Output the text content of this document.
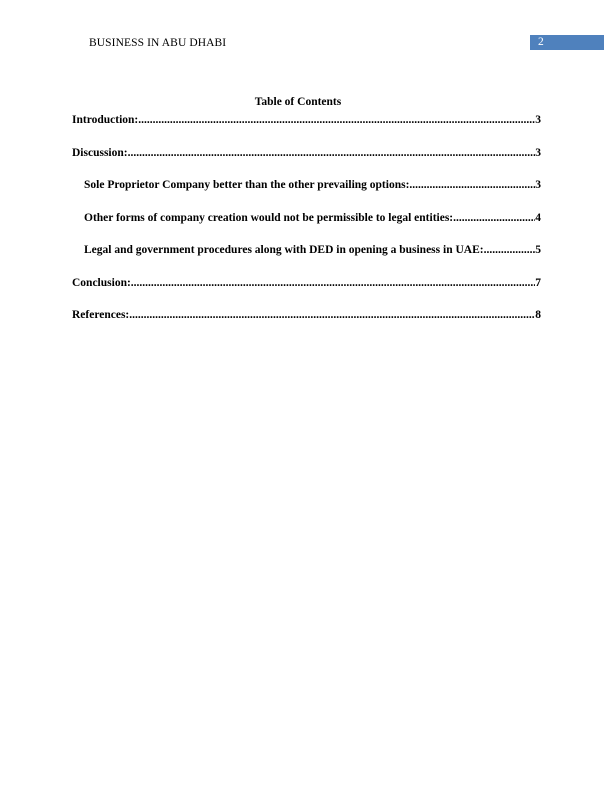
BUSINESS IN ABU DHABI	2
Table of Contents
Introduction: .....	3
Discussion: .....	3
Sole Proprietor Company better than the other prevailing options: .....	3
Other forms of company creation would not be permissible to legal entities: .....	4
Legal and government procedures along with DED in opening a business in UAE: .....	5
Conclusion: .....	7
References: .....	8
